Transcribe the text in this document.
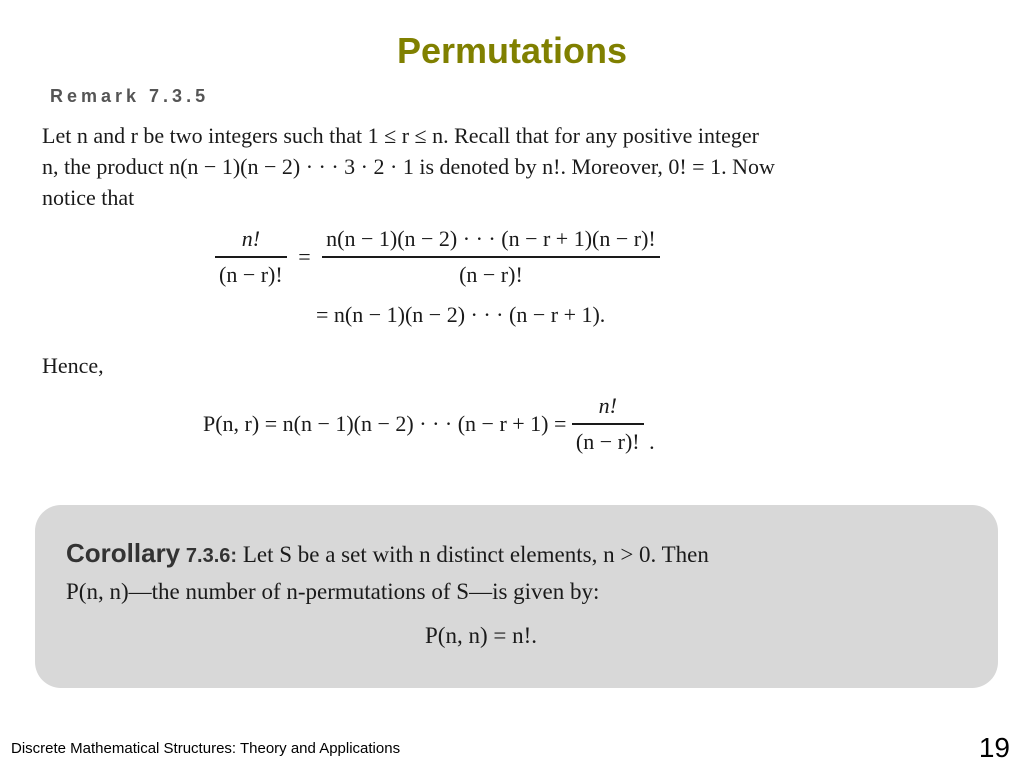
Permutations
Remark 7.3.5
Let n and r be two integers such that 1 ≤ r ≤ n. Recall that for any positive integer
n, the product n(n − 1)(n − 2) · · · 3 · 2 · 1 is denoted by n!. Moreover, 0! = 1. Now
notice that
$\frac{n!}{(n - r)!} = \frac{n(n - 1)(n - 2) \cdot \cdot \cdot (n - r + 1)(n - r)!}{(n - r)!}$
= n(n − 1)(n − 2) · · · (n − r + 1).
Hence,
P(n, r) = n(n − 1)(n − 2) · · · $(n - r + 1) = \frac{n!}{(n - r)!}$ .
Corollary 7.3.6: Let S be a set with n distinct elements, n > 0. Then
P(n, n)—the number of n-permutations of S—is given by:
P(n, n) = n!.
Discrete Mathematical Structures: Theory and Applications	19
